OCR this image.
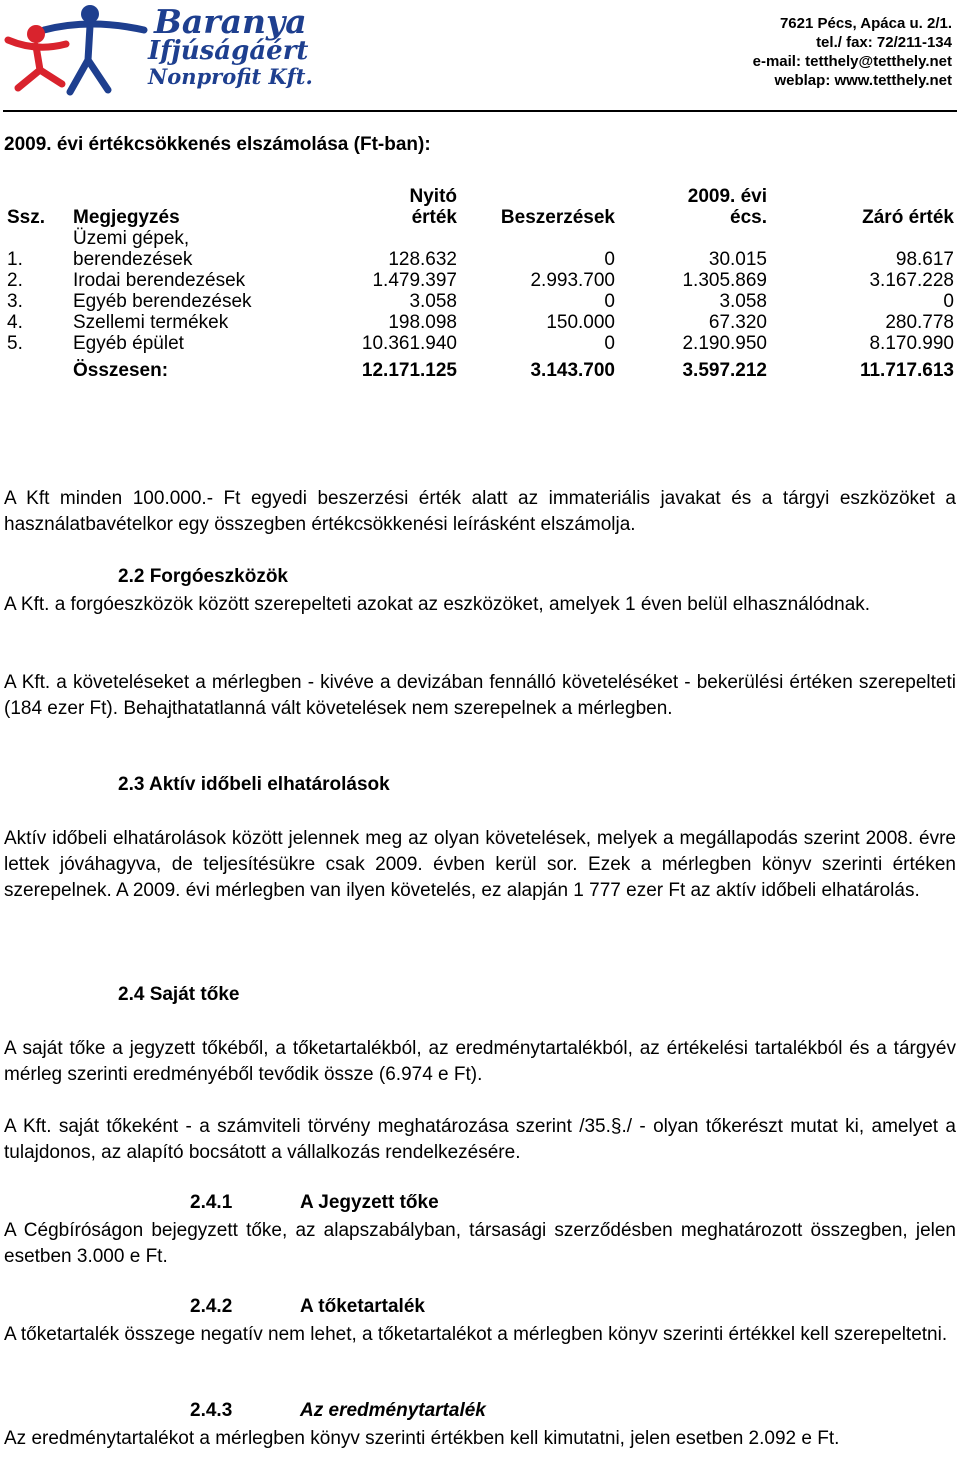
Baranya
Ifjúságáért
Nonprofit Kft.
7621 Pécs, Apáca u. 2/1.
tel./ fax: 72/211-134
e-mail: tetthely@tetthely.net
weblap: www.tetthely.net
2009. évi értékcsökkenés elszámolása (Ft-ban):
Ssz.	Megjegyzés	Nyitó érték	Beszerzések	2009. évi écs.	Záró érték
1.	Üzemi gépek, berendezések	128.632	0	30.015	98.617
2.	Irodai berendezések	1.479.397	2.993.700	1.305.869	3.167.228
3.	Egyéb berendezések	3.058	0	3.058	0
4.	Szellemi termékek	198.098	150.000	67.320	280.778
5.	Egyéb épület	10.361.940	0	2.190.950	8.170.990
	Összesen:	12.171.125	3.143.700	3.597.212	11.717.613
A Kft minden 100.000.- Ft egyedi beszerzési érték alatt az immateriális javakat és a tárgyi eszközöket a használatbavételkor egy összegben értékcsökkenési leírásként elszámolja.
2.2 Forgóeszközök
A Kft. a forgóeszközök között szerepelteti azokat az eszközöket, amelyek 1 éven belül elhasználódnak.
A Kft. a követeléseket a mérlegben - kivéve a devizában fennálló követeléséket - bekerülési értéken szerepelteti (184 ezer Ft). Behajthatatlanná vált követelések nem szerepelnek a mérlegben.
2.3 Aktív időbeli elhatárolások
Aktív időbeli elhatárolások között jelennek meg az olyan követelések, melyek a megállapodás szerint 2008. évre lettek jóváhagyva, de teljesítésükre csak 2009. évben kerül sor. Ezek a mérlegben könyv szerinti értéken szerepelnek. A 2009. évi mérlegben van ilyen követelés, ez alapján 1 777 ezer Ft az aktív időbeli elhatárolás.
2.4 Saját tőke
A saját tőke a jegyzett tőkéből, a tőketartalékból, az eredménytartalékból, az értékelési tartalékból és a tárgyév mérleg szerinti eredményéből tevődik össze (6.974 e Ft).
A Kft. saját tőkeként - a számviteli törvény meghatározása szerint /35.§./ - olyan tőkerészt mutat ki, amelyet a tulajdonos, az alapító bocsátott a vállalkozás rendelkezésére.
2.4.1	A Jegyzett tőke
A Cégbíróságon bejegyzett tőke, az alapszabályban, társasági szerződésben meghatározott összegben, jelen esetben 3.000 e Ft.
2.4.2	A tőketartalék
A tőketartalék összege negatív nem lehet, a tőketartalékot a mérlegben könyv szerinti értékkel kell szerepeltetni.
2.4.3	Az eredménytartalék
Az eredménytartalékot a mérlegben könyv szerinti értékben kell kimutatni, jelen esetben 2.092 e Ft.
